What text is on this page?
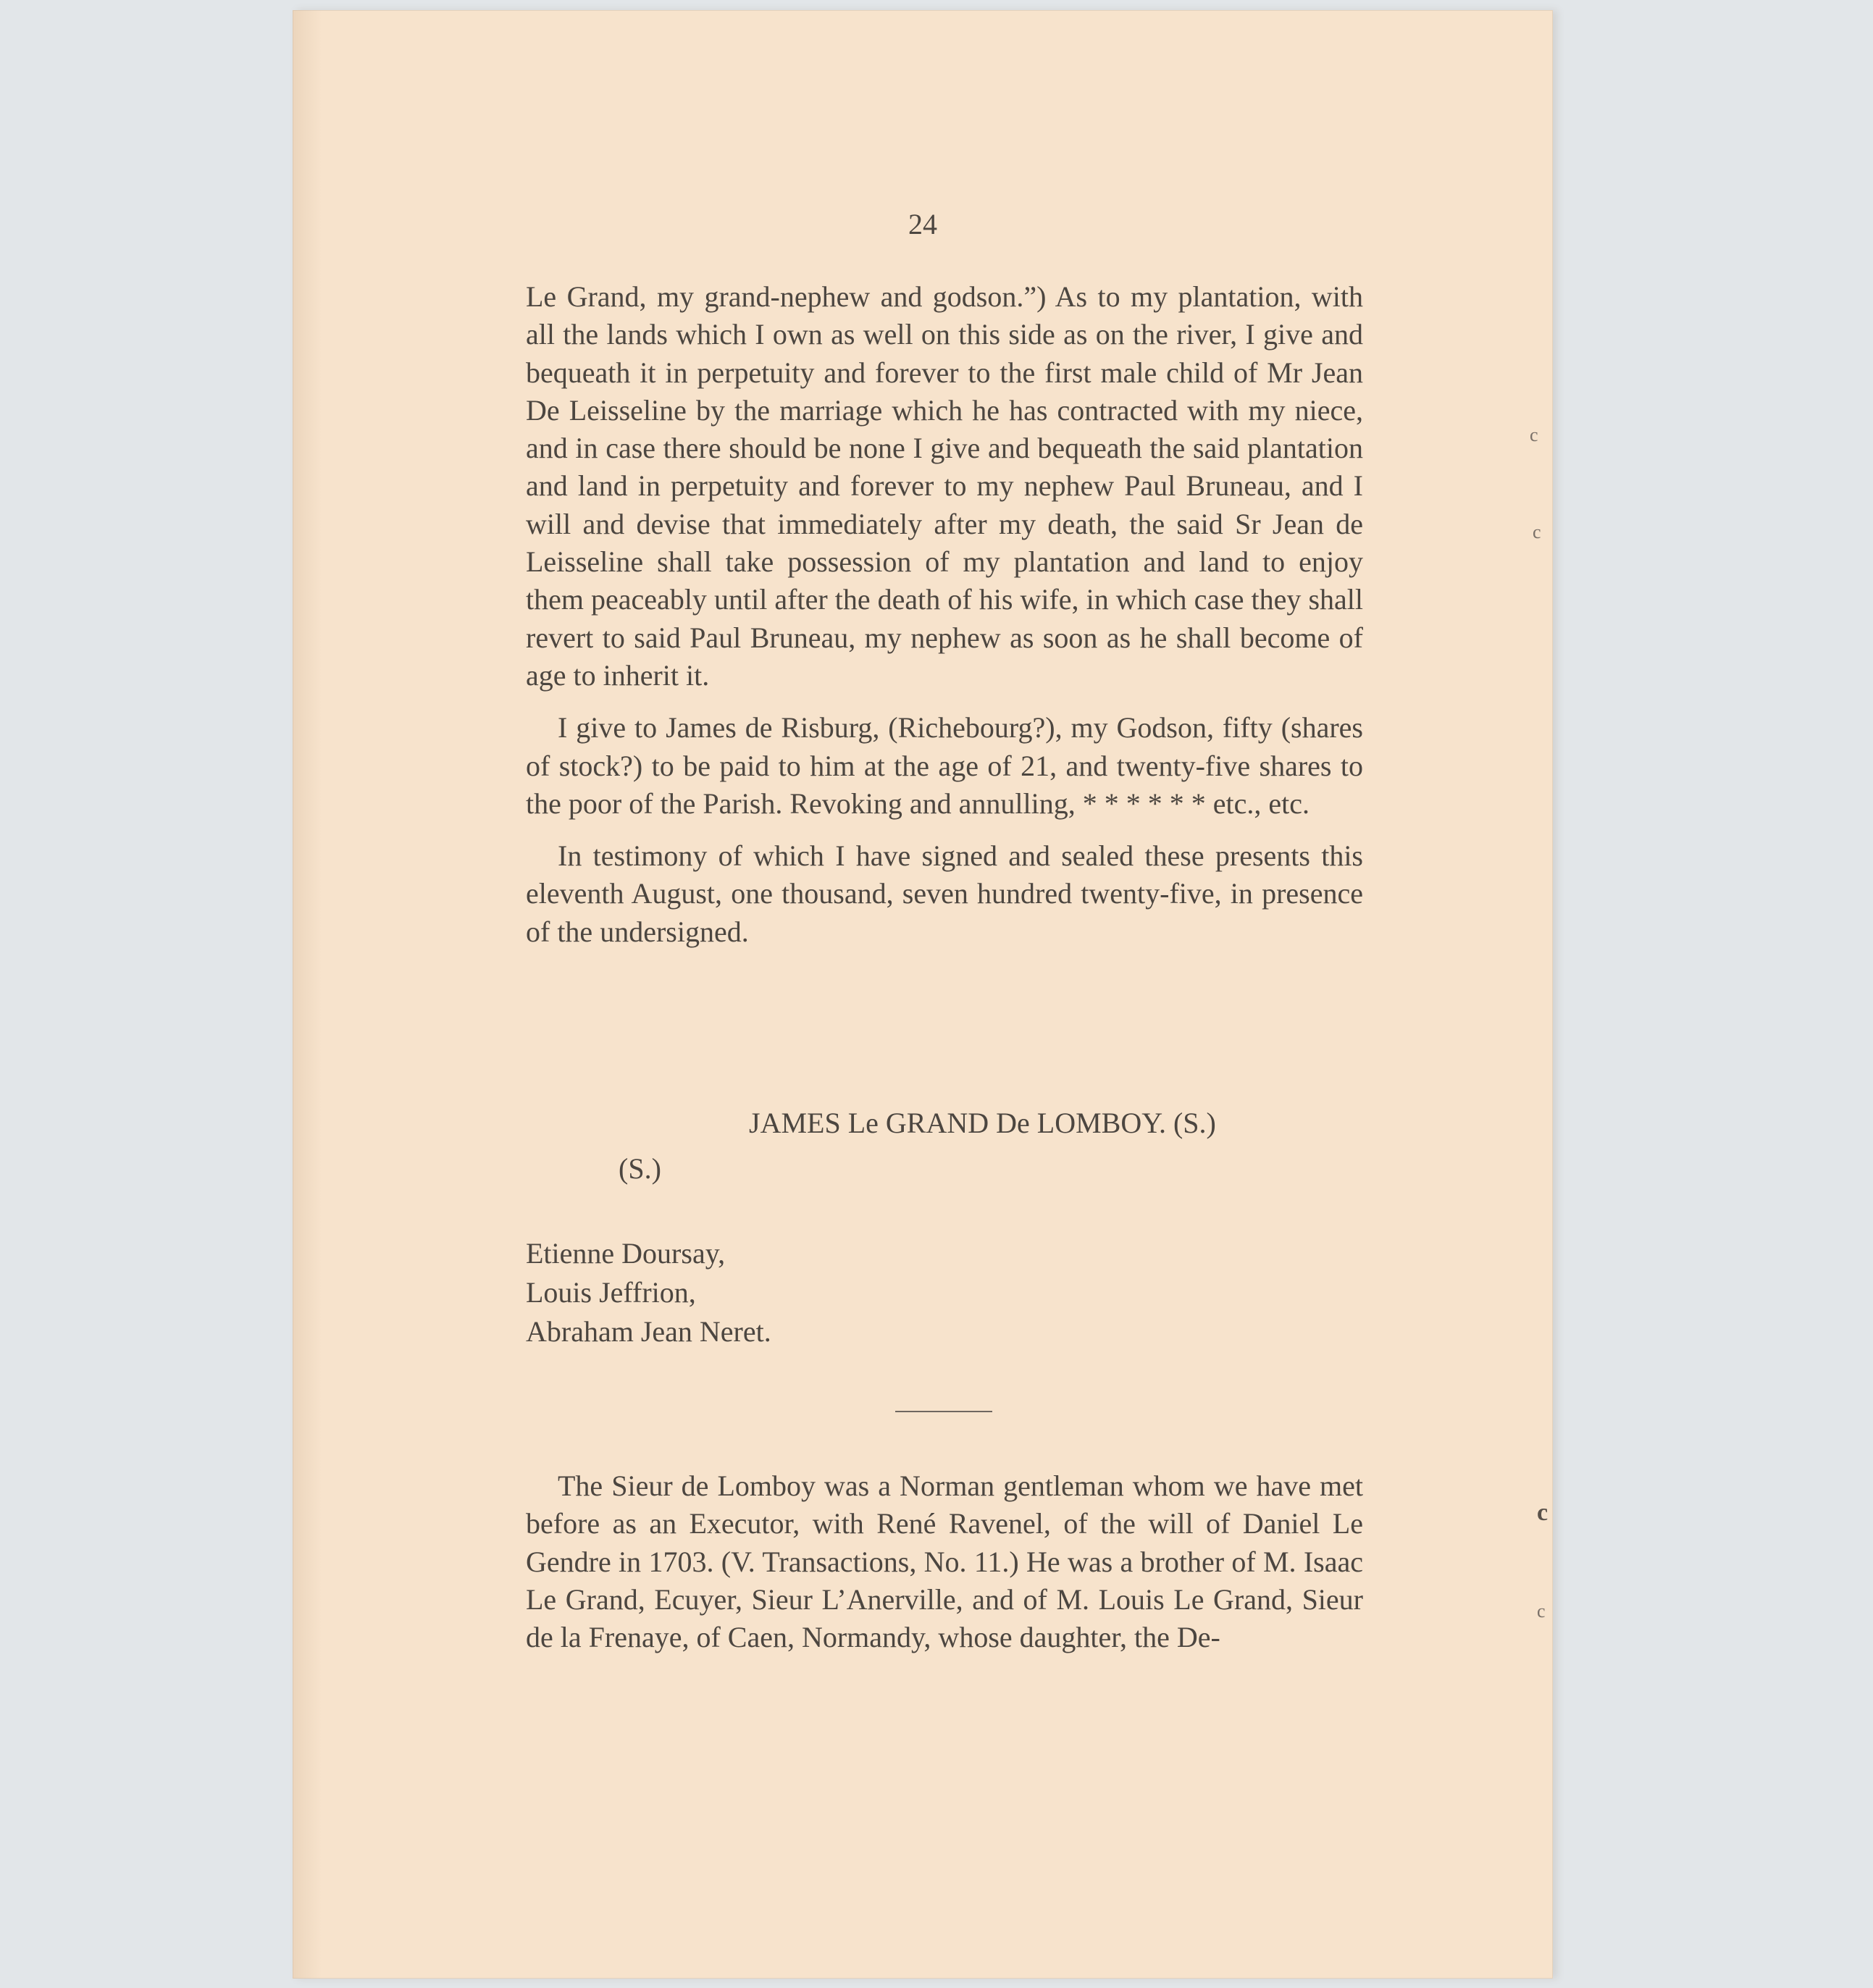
24

Le Grand, my grand-nephew and godson.”) As to my plantation, with all the lands which I own as well on this side as on the river, I give and bequeath it in perpetuity and forever to the first male child of Mr Jean De Leisseline by the marriage which he has contracted with my niece, and in case there should be none I give and bequeath the said plantation and land in perpetuity and forever to my nephew Paul Bruneau, and I will and devise that immediately after my death, the said Sr Jean de Leisseline shall take possession of my plantation and land to enjoy them peaceably until after the death of his wife, in which case they shall revert to said Paul Bruneau, my nephew as soon as he shall become of age to inherit it.

I give to James de Risburg, (Richebourg?), my Godson, fifty (shares of stock?) to be paid to him at the age of 21, and twenty-five shares to the poor of the Parish. Revoking and annulling, * * * * * * etc., etc.

In testimony of which I have signed and sealed these presents this eleventh August, one thousand, seven hundred twenty-five, in presence of the undersigned.

JAMES Le GRAND De LOMBOY. (S.)
(S.)
Etienne Doursay,
Louis Jeffrion,
Abraham Jean Neret.

The Sieur de Lomboy was a Norman gentleman whom we have met before as an Executor, with René Ravenel, of the will of Daniel Le Gendre in 1703. (V. Transactions, No. 11.) He was a brother of M. Isaac Le Grand, Ecuyer, Sieur L’Anerville, and of M. Louis Le Grand, Sieur de la Frenaye, of Caen, Normandy, whose daughter, the De-

c
c
c
c
